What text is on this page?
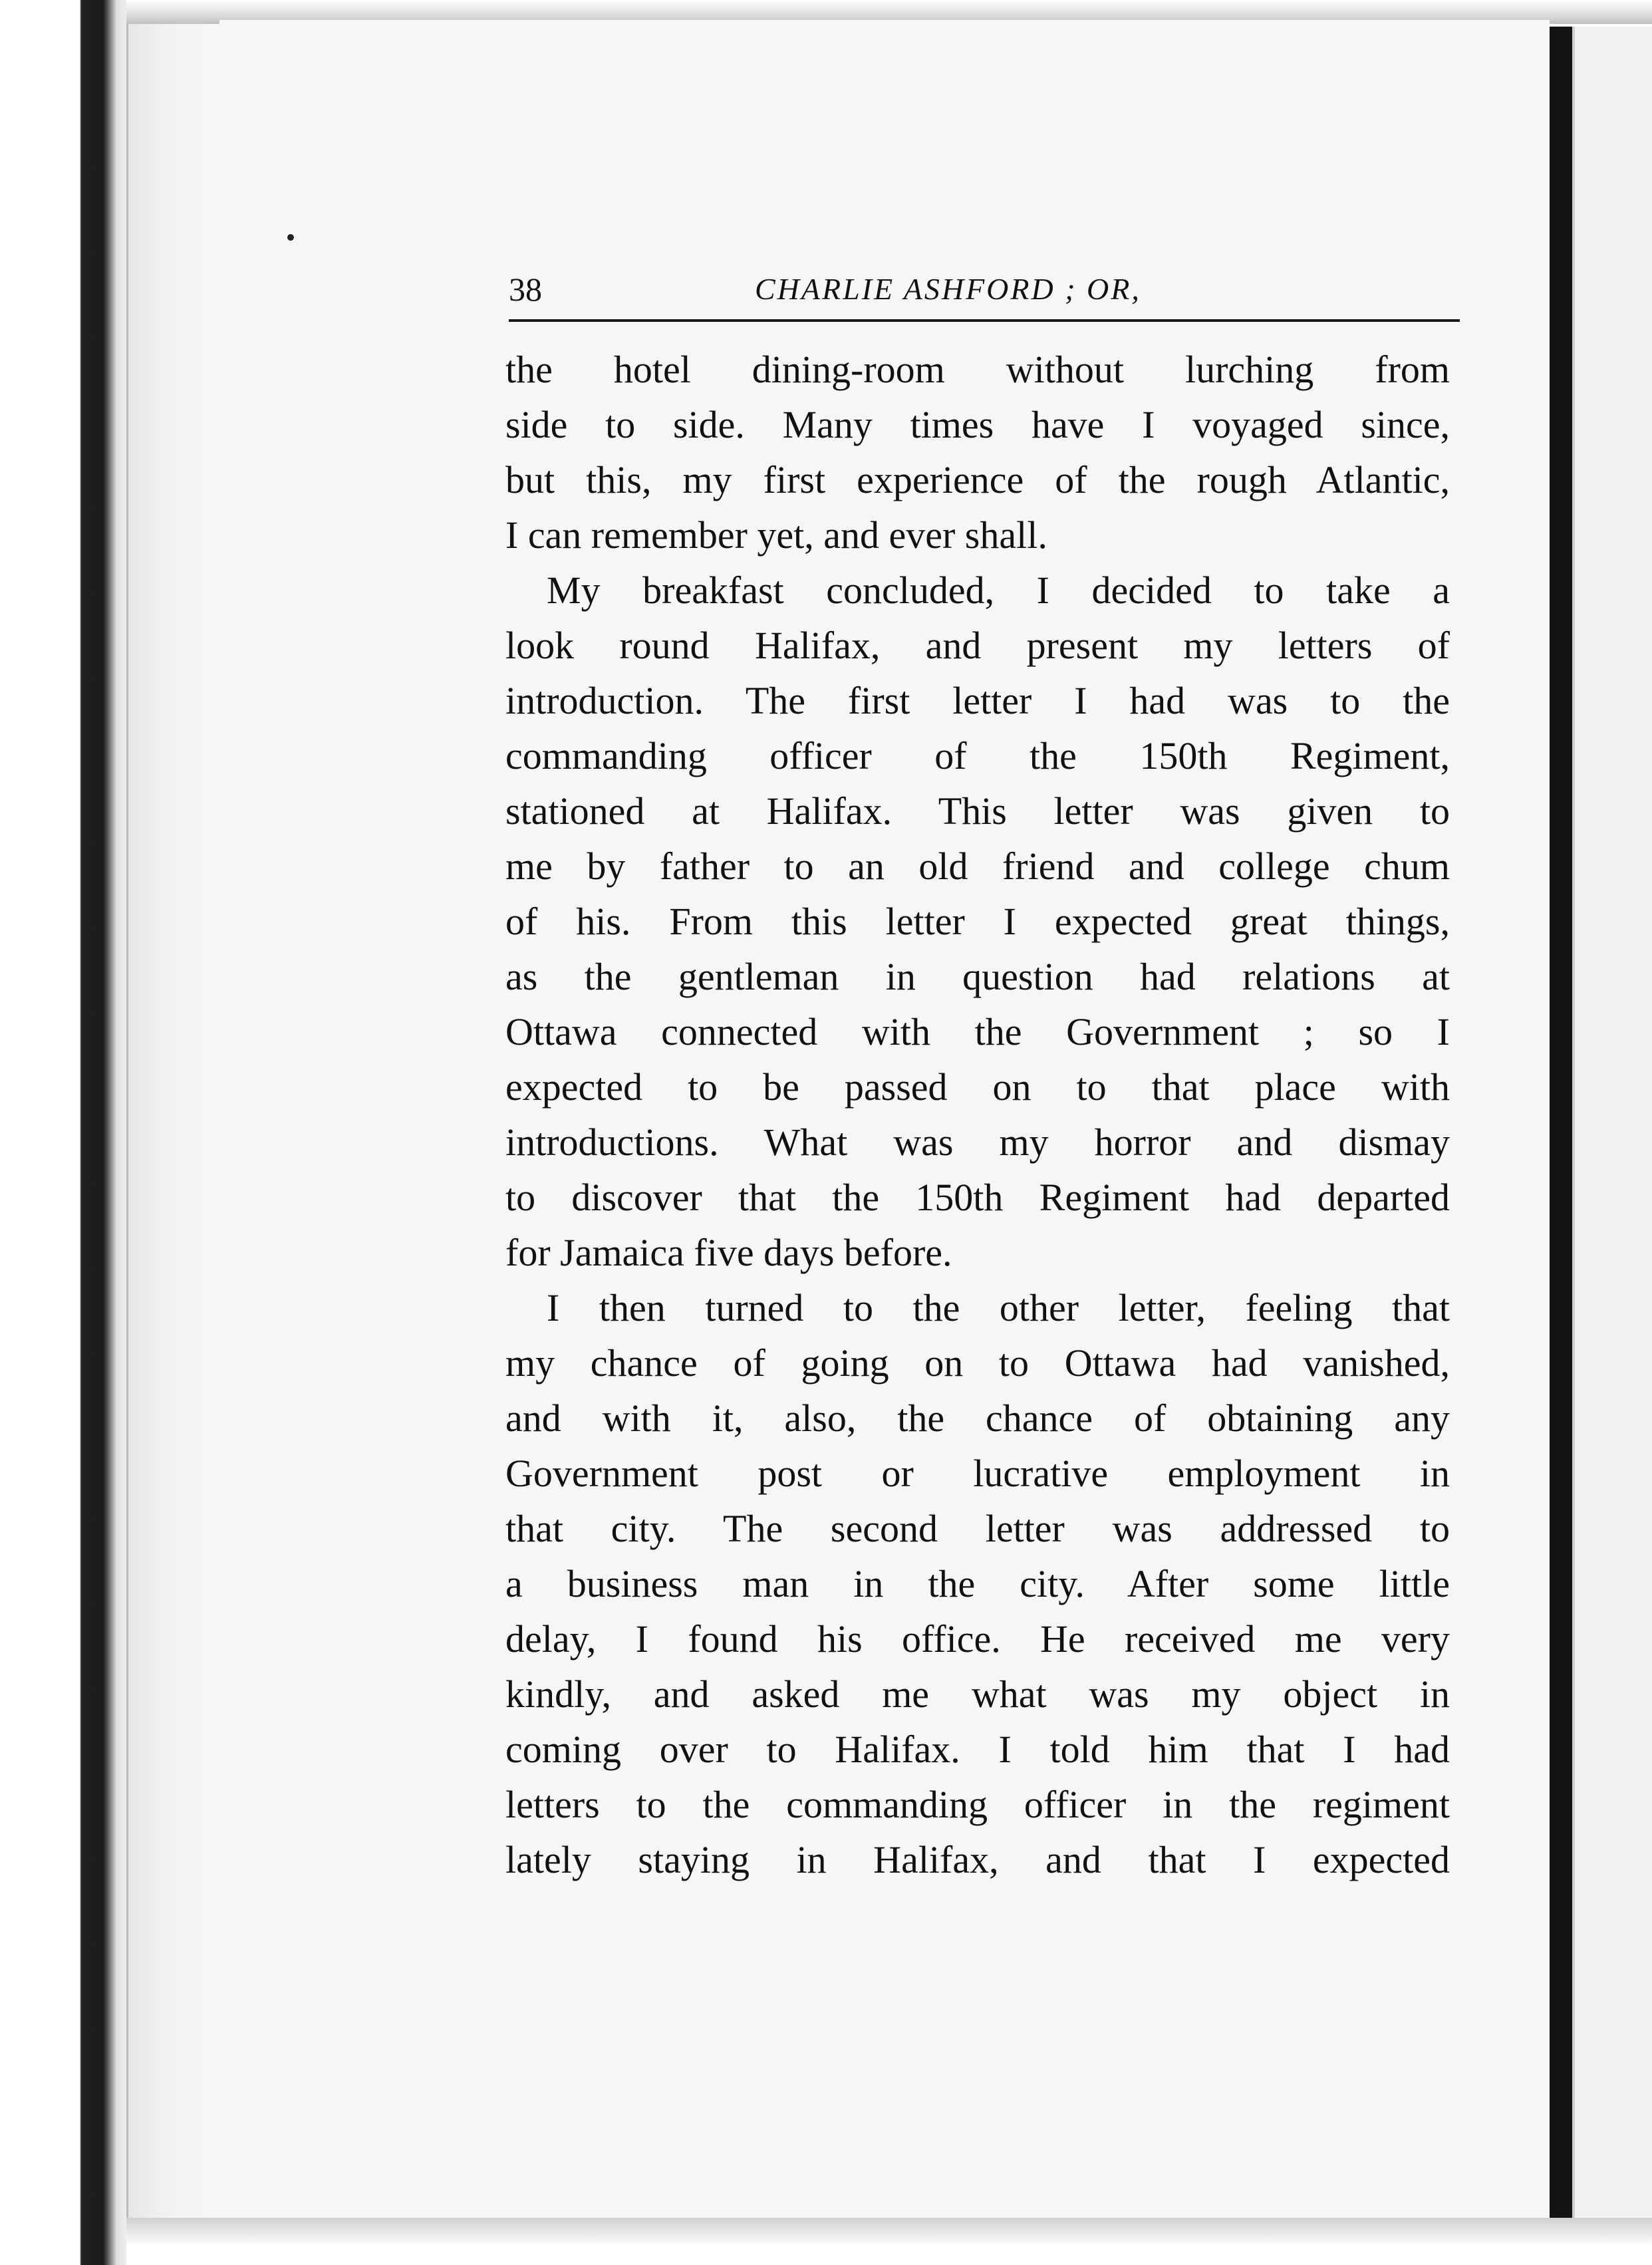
38	CHARLIE ASHFORD ; OR,
the hotel dining-room without lurching from
side to side. Many times have I voyaged since,
but this, my first experience of the rough Atlantic,
I can remember yet, and ever shall.
My breakfast concluded, I decided to take a
look round Halifax, and present my letters of
introduction. The first letter I had was to the
commanding officer of the 150th Regiment,
stationed at Halifax. This letter was given to
me by father to an old friend and college chum
of his. From this letter I expected great things,
as the gentleman in question had relations at
Ottawa connected with the Government ; so I
expected to be passed on to that place with
introductions. What was my horror and dismay
to discover that the 150th Regiment had departed
for Jamaica five days before.
I then turned to the other letter, feeling that
my chance of going on to Ottawa had vanished,
and with it, also, the chance of obtaining any
Government post or lucrative employment in
that city. The second letter was addressed to
a business man in the city. After some little
delay, I found his office. He received me very
kindly, and asked me what was my object in
coming over to Halifax. I told him that I had
letters to the commanding officer in the regiment
lately staying in Halifax, and that I expected
